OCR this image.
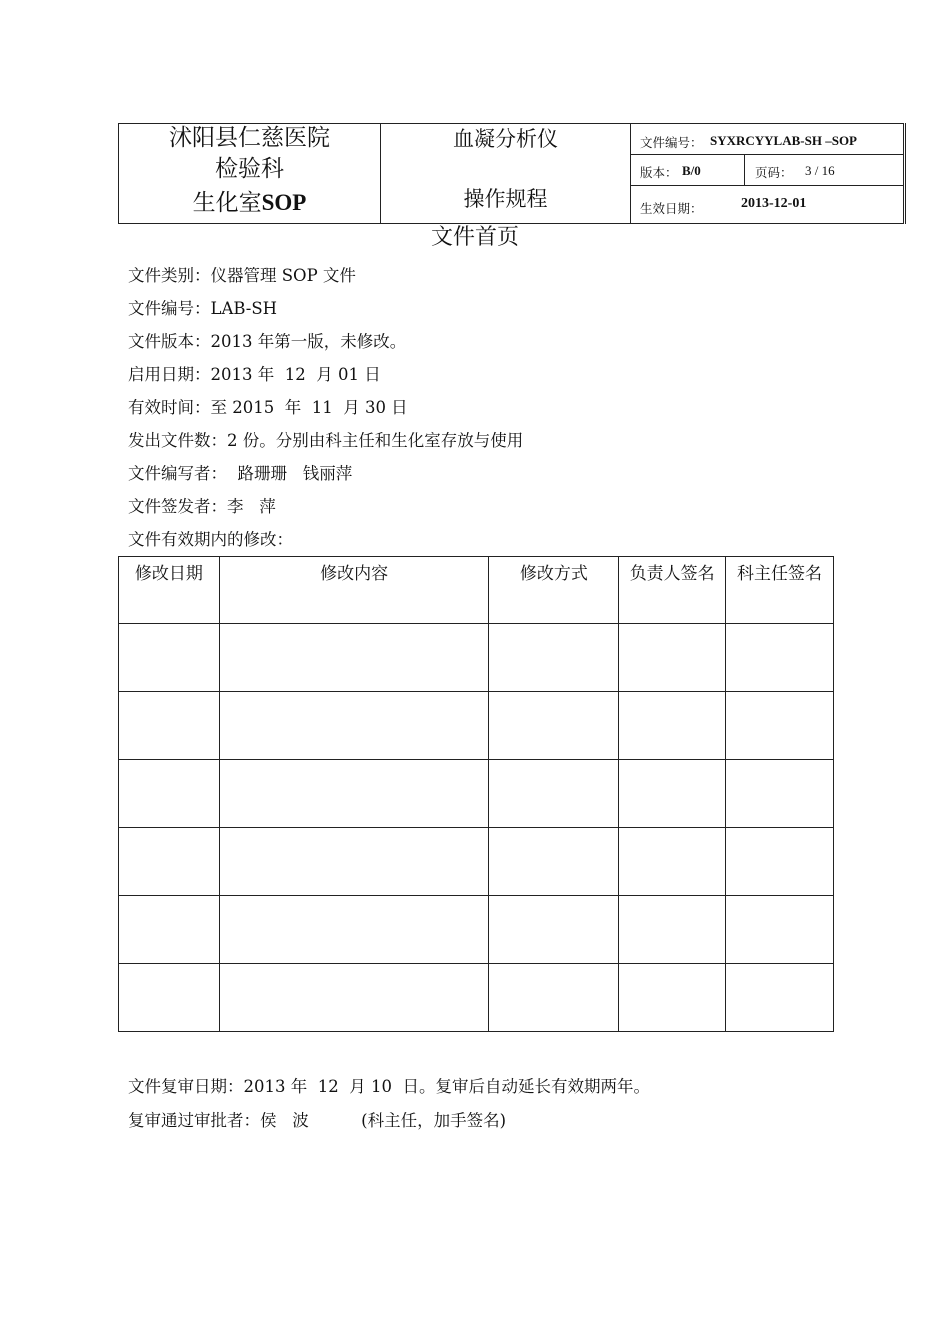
沭阳县仁慈医院
检验科
生化室SOP
血凝分析仪
操作规程
文件编号： SYXRCYYLAB-SH –SOP
版本： B/0	页码： 3 / 16
生效日期：	2013-12-01
文件首页
文件类别：仪器管理 SOP 文件
文件编号：LAB-SH
文件版本：2013 年第一版，未修改。
启用日期：2013 年  12  月 01 日
有效时间：至 2015  年  11  月 30 日
发出文件数：2 份。分别由科主任和生化室存放与使用
文件编写者：  路珊珊   钱丽萍
文件签发者：李   萍
文件有效期内的修改：
修改日期	修改内容	修改方式	负责人签名	科主任签名

文件复审日期：2013 年  12  月 10  日。复审后自动延长有效期两年。
复审通过审批者：侯   波          (科主任，加手签名)
